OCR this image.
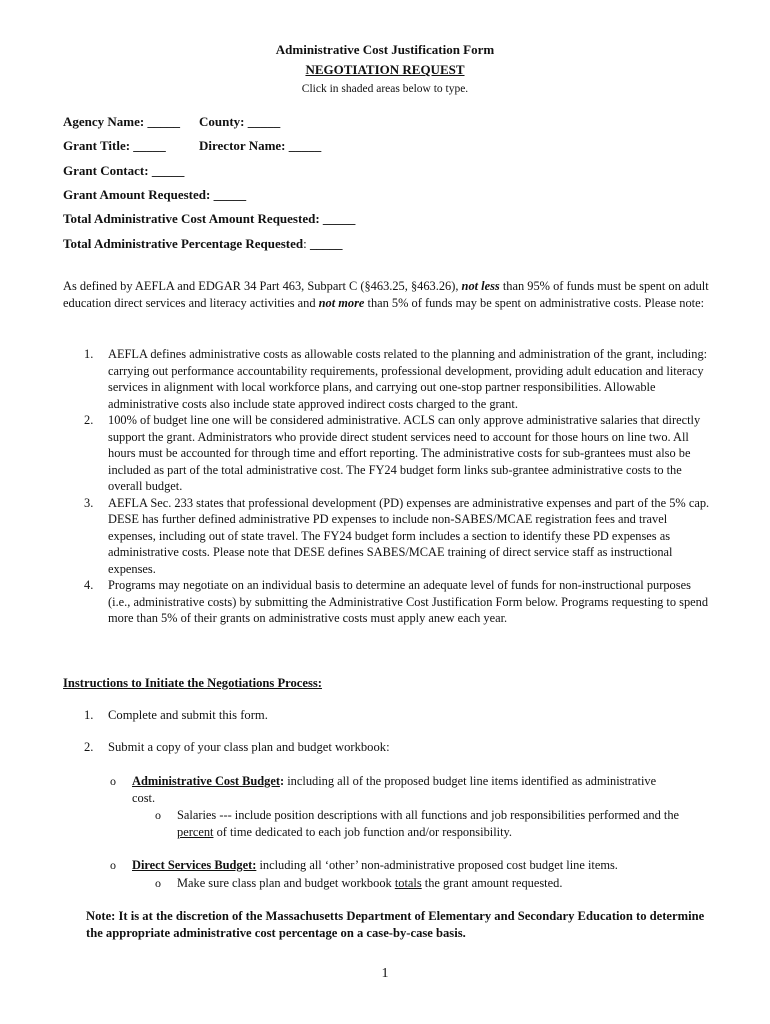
Administrative Cost Justification Form
NEGOTIATION REQUEST
Click in shaded areas below to type.
Agency Name: _____ County: _____
Grant Title: _____	Director Name: _____
Grant Contact: _____
Grant Amount Requested: _____
Total Administrative Cost Amount Requested: _____
Total Administrative Percentage Requested: _____

As defined by AEFLA and EDGAR 34 Part 463, Subpart C (§463.25, §463.26), not less than 95% of funds must be spent on adult education direct services and literacy activities and not more than 5% of funds may be spent on administrative costs. Please note:

1. AEFLA defines administrative costs as allowable costs related to the planning and administration of the grant, including: carrying out performance accountability requirements, professional development, providing adult education and literacy services in alignment with local workforce plans, and carrying out one-stop partner responsibilities. Allowable administrative costs also include state approved indirect costs charged to the grant.
2. 100% of budget line one will be considered administrative. ACLS can only approve administrative salaries that directly support the grant. Administrators who provide direct student services need to account for those hours on line two. All hours must be accounted for through time and effort reporting. The administrative costs for sub-grantees must also be included as part of the total administrative cost. The FY24 budget form links sub-grantee administrative costs to the overall budget.
3. AEFLA Sec. 233 states that professional development (PD) expenses are administrative expenses and part of the 5% cap. DESE has further defined administrative PD expenses to include non-SABES/MCAE registration fees and travel expenses, including out of state travel. The FY24 budget form includes a section to identify these PD expenses as administrative costs. Please note that DESE defines SABES/MCAE training of direct service staff as instructional expenses.
4. Programs may negotiate on an individual basis to determine an adequate level of funds for non-instructional purposes (i.e., administrative costs) by submitting the Administrative Cost Justification Form below. Programs requesting to spend more than 5% of their grants on administrative costs must apply anew each year.
Instructions to Initiate the Negotiations Process:
1. Complete and submit this form.
2. Submit a copy of your class plan and budget workbook:
o	Administrative Cost Budget: including all of the proposed budget line items identified as administrative cost.
o	Salaries --- include position descriptions with all functions and job responsibilities performed and the percent of time dedicated to each job function and/or responsibility.
o	Direct Services Budget: including all ‘other’ non-administrative proposed cost budget line items.
o	Make sure class plan and budget workbook totals the grant amount requested.
Note: It is at the discretion of the Massachusetts Department of Elementary and Secondary Education to determine the appropriate administrative cost percentage on a case-by-case basis.
1
